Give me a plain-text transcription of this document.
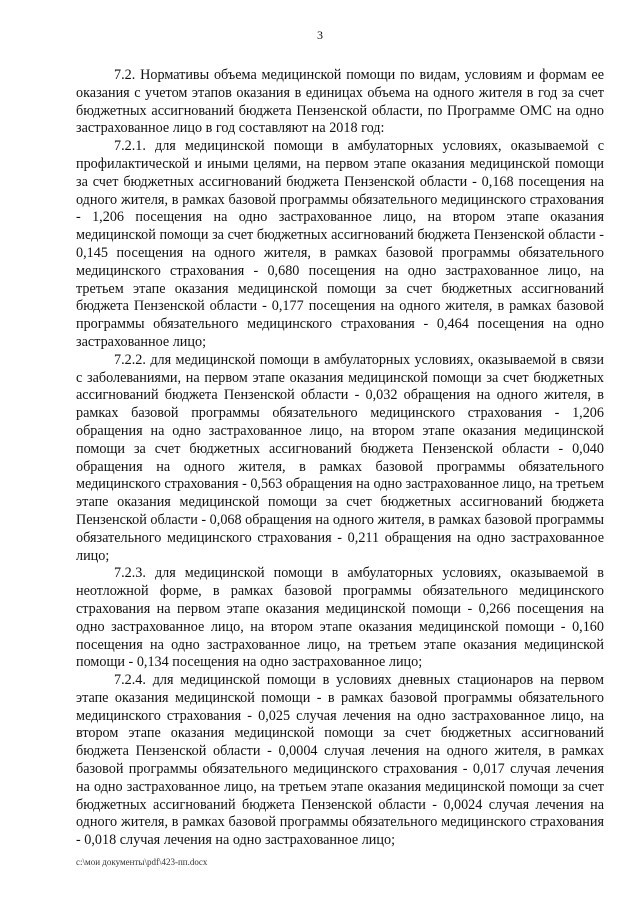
3

7.2. Нормативы объема медицинской помощи по видам, условиям и формам ее оказания с учетом этапов оказания в единицах объема на одного жителя в год за счет бюджетных ассигнований бюджета Пензенской области, по Программе ОМС на одно застрахованное лицо в год составляют на 2018 год:

7.2.1. для медицинской помощи в амбулаторных условиях, оказываемой с профилактической и иными целями, на первом этапе оказания медицинской помощи за счет бюджетных ассигнований бюджета Пензенской области - 0,168 посещения на одного жителя, в рамках базовой программы обязательного медицинского страхования - 1,206 посещения на одно застрахованное лицо, на втором этапе оказания медицинской помощи за счет бюджетных ассигнований бюджета Пензенской области - 0,145 посещения на одного жителя, в рамках базовой программы обязательного медицинского страхования - 0,680 посещения на одно застрахованное лицо, на третьем этапе оказания медицинской помощи за счет бюджетных ассигнований бюджета Пензенской области - 0,177 посещения на одного жителя, в рамках базовой программы обязательного медицинского страхования - 0,464 посещения на одно застрахованное лицо;

7.2.2. для медицинской помощи в амбулаторных условиях, оказываемой в связи с заболеваниями, на первом этапе оказания медицинской помощи за счет бюджетных ассигнований бюджета Пензенской области - 0,032 обращения на одного жителя, в рамках базовой программы обязательного медицинского страхования - 1,206 обращения на одно застрахованное лицо, на втором этапе оказания медицинской помощи за счет бюджетных ассигнований бюджета Пензенской области - 0,040 обращения на одного жителя, в рамках базовой программы обязательного медицинского страхования - 0,563 обращения на одно застрахованное лицо, на третьем этапе оказания медицинской помощи за счет бюджетных ассигнований бюджета Пензенской области - 0,068 обращения на одного жителя, в рамках базовой программы обязательного медицинского страхования - 0,211 обращения на одно застрахованное лицо;

7.2.3. для медицинской помощи в амбулаторных условиях, оказываемой в неотложной форме, в рамках базовой программы обязательного медицинского страхования на первом этапе оказания медицинской помощи - 0,266 посещения на одно застрахованное лицо, на втором этапе оказания медицинской помощи - 0,160 посещения на одно застрахованное лицо, на третьем этапе оказания медицинской помощи - 0,134 посещения на одно застрахованное лицо;

7.2.4. для медицинской помощи в условиях дневных стационаров на первом этапе оказания медицинской помощи - в рамках базовой программы обязательного медицинского страхования - 0,025 случая лечения на одно застрахованное лицо, на втором этапе оказания медицинской помощи за счет бюджетных ассигнований бюджета Пензенской области - 0,0004 случая лечения на одного жителя, в рамках базовой программы обязательного медицинского страхования - 0,017 случая лечения на одно застрахованное лицо, на третьем этапе оказания медицинской помощи за счет бюджетных ассигнований бюджета Пензенской области - 0,0024 случая лечения на одного жителя, в рамках базовой программы обязательного медицинского страхования - 0,018 случая лечения на одно застрахованное лицо;

c:\мои документы\pdf\423-пп.docx
